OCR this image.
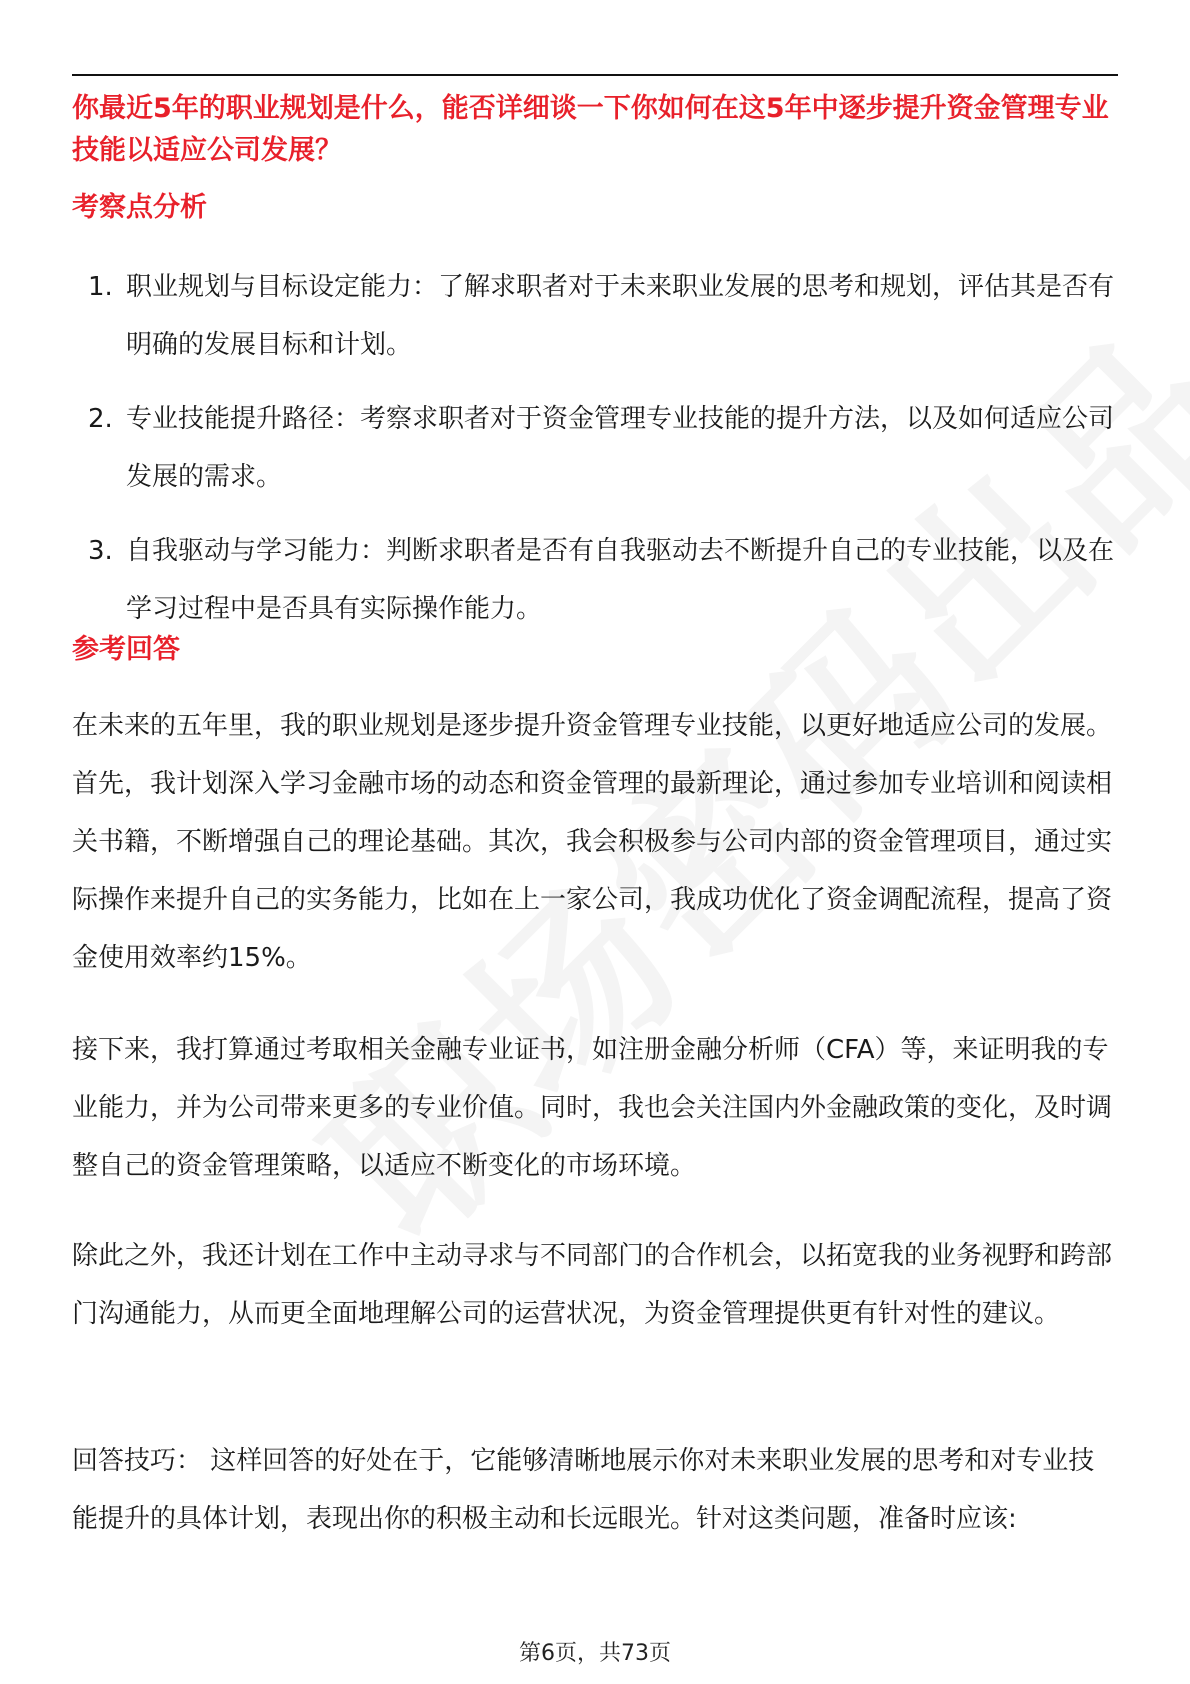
你最近5年的职业规划是什么，能否详细谈一下你如何在这5年中逐步提升资金管理专业技能以适应公司发展？
考察点分析
1. 职业规划与目标设定能力：了解求职者对于未来职业发展的思考和规划，评估其是否有明确的发展目标和计划。
2. 专业技能提升路径：考察求职者对于资金管理专业技能的提升方法，以及如何适应公司发展的需求。
3. 自我驱动与学习能力：判断求职者是否有自我驱动去不断提升自己的专业技能，以及在学习过程中是否具有实际操作能力。
参考回答

在未来的五年里，我的职业规划是逐步提升资金管理专业技能，以更好地适应公司的发展。首先，我计划深入学习金融市场的动态和资金管理的最新理论，通过参加专业培训和阅读相关书籍，不断增强自己的理论基础。其次，我会积极参与公司内部的资金管理项目，通过实际操作来提升自己的实务能力，比如在上一家公司，我成功优化了资金调配流程，提高了资金使用效率约15%。

接下来，我打算通过考取相关金融专业证书，如注册金融分析师（CFA）等，来证明我的专业能力，并为公司带来更多的专业价值。同时，我也会关注国内外金融政策的变化，及时调整自己的资金管理策略，以适应不断变化的市场环境。

除此之外，我还计划在工作中主动寻求与不同部门的合作机会，以拓宽我的业务视野和跨部门沟通能力，从而更全面地理解公司的运营状况，为资金管理提供更有针对性的建议。

回答技巧： 这样回答的好处在于，它能够清晰地展示你对未来职业发展的思考和对专业技能提升的具体计划，表现出你的积极主动和长远眼光。针对这类问题，准备时应该:

第6页，共73页
